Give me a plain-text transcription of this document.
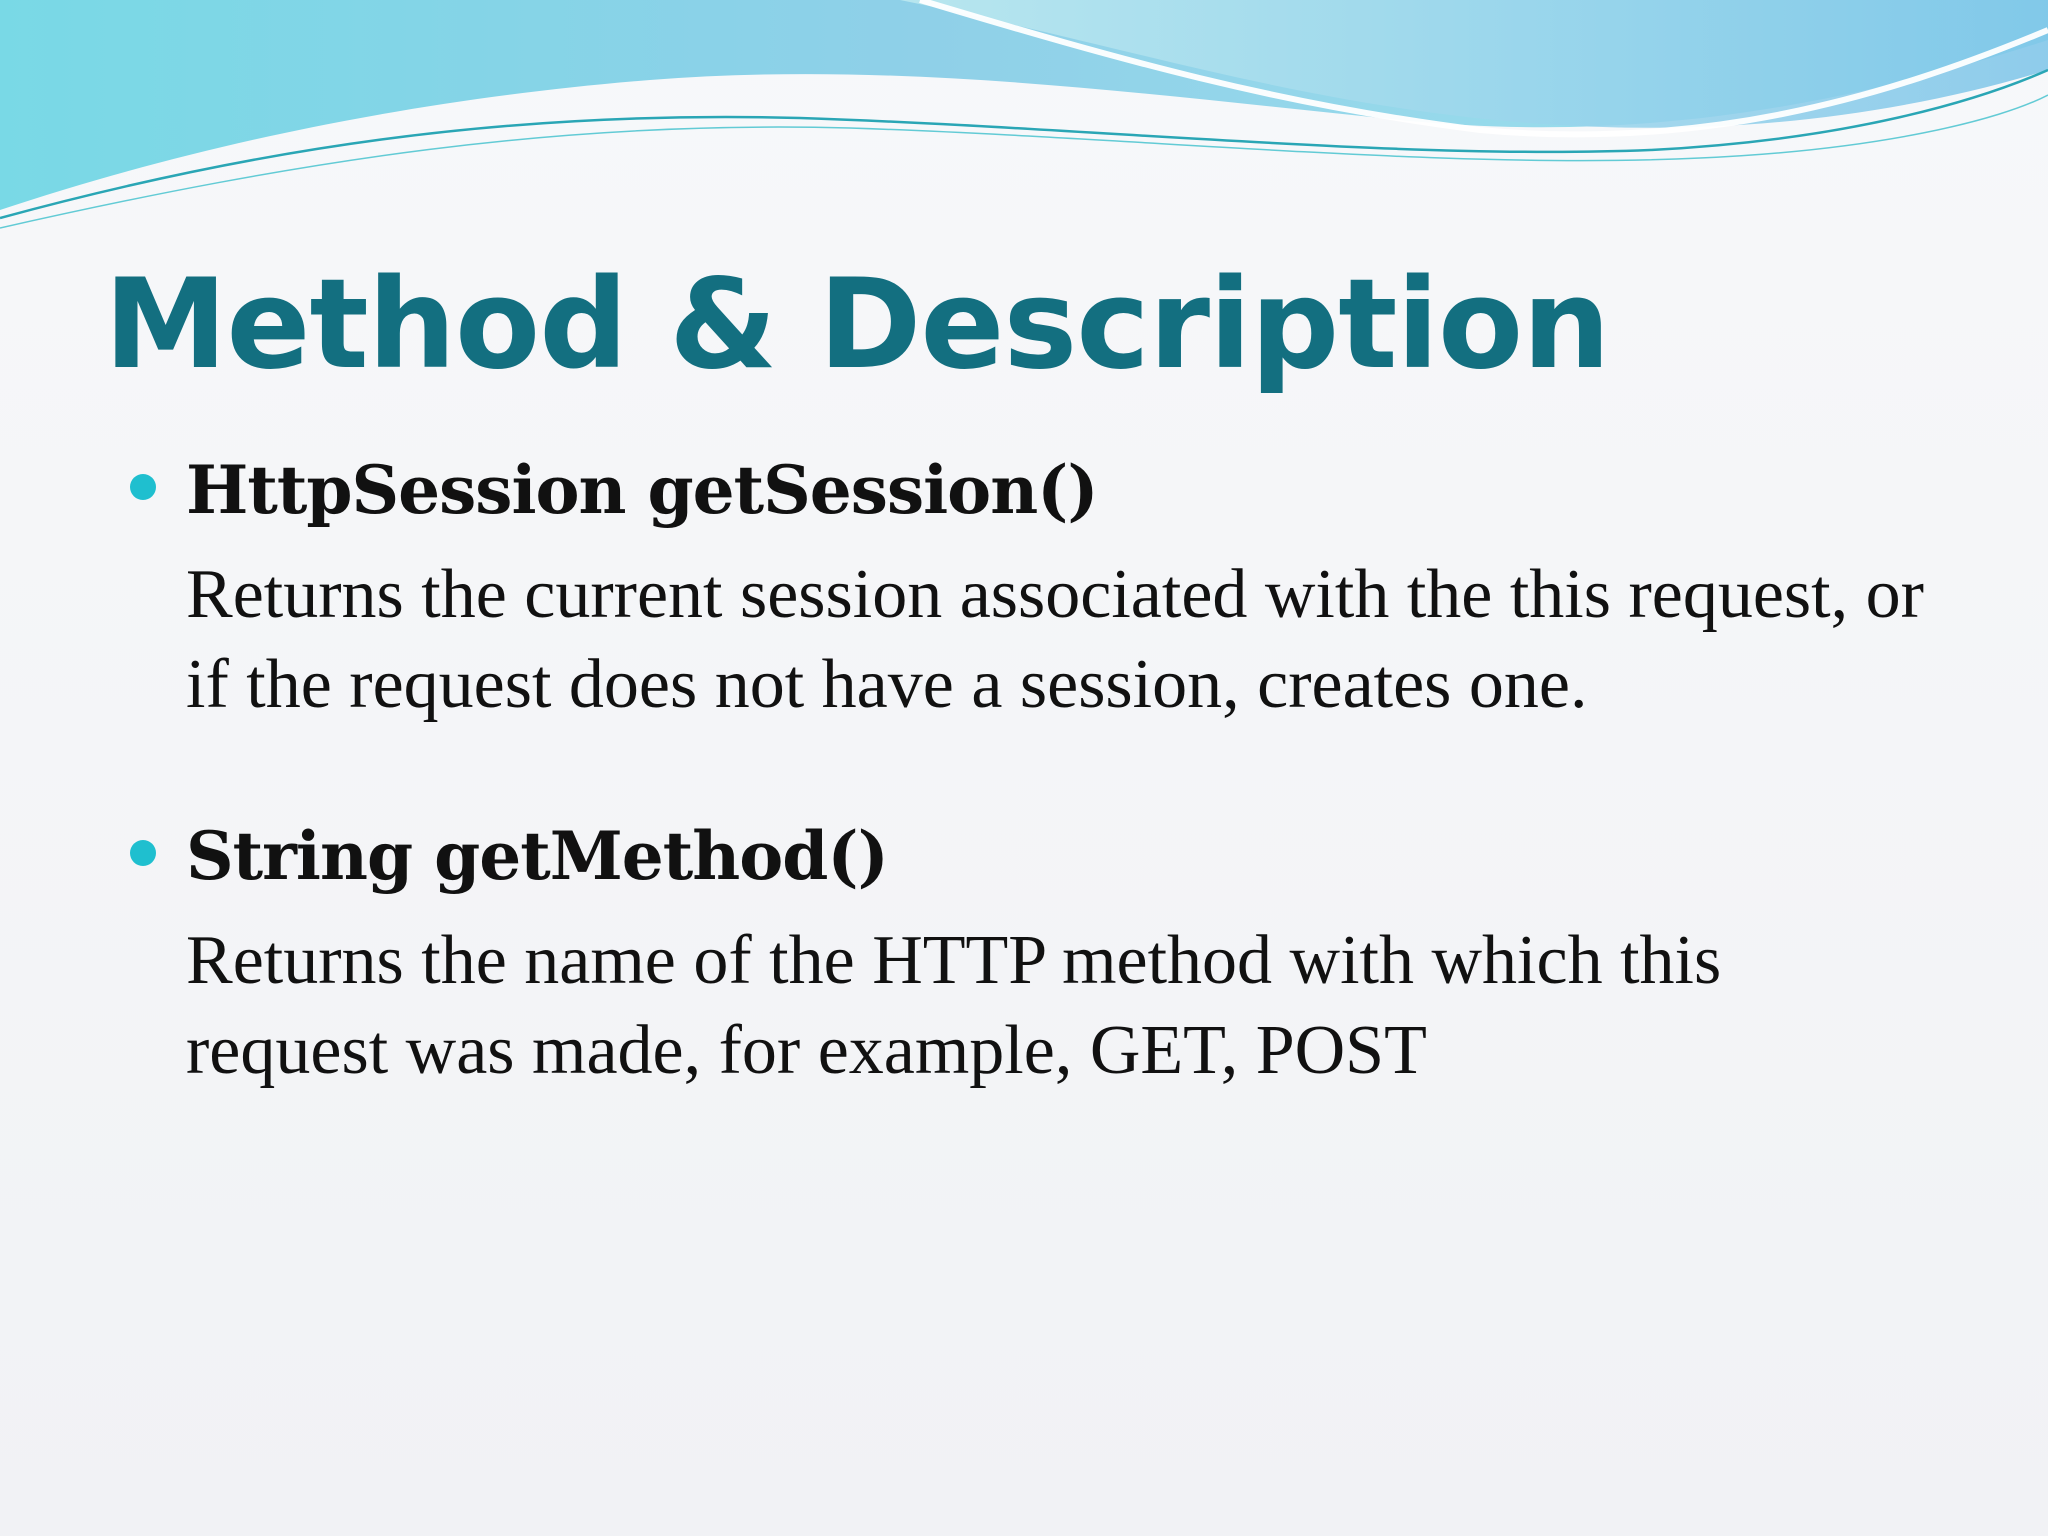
Method & Description
HttpSession getSession()
Returns the current session associated with the this request, or if the request does not have a session, creates one.
String getMethod()
Returns the name of the HTTP method with which this request was made, for example, GET, POST
